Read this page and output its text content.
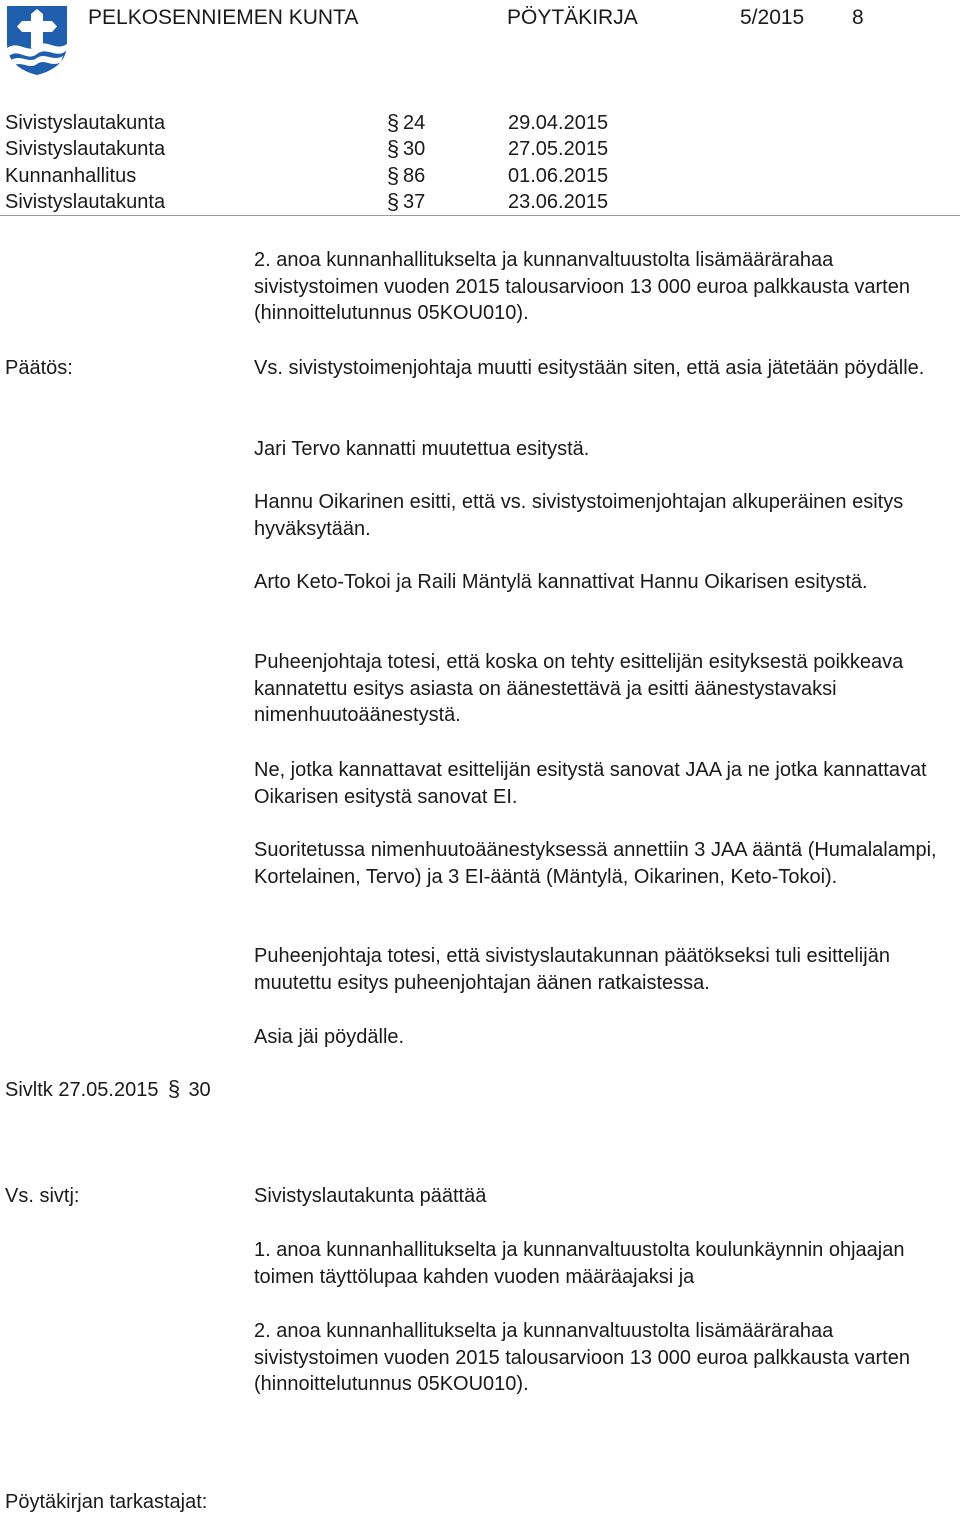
PELKOSENNIEMEN KUNTA	PÖYTÄKIRJA	5/2015 8
Sivistyslautakunta	§ 24	29.04.2015
Sivistyslautakunta	§ 30	27.05.2015
Kunnanhallitus	§ 86	01.06.2015
Sivistyslautakunta	§ 37	23.06.2015
2. anoa kunnanhallitukselta ja kunnanvaltuustolta lisämäärärahaa sivistystoimen vuoden 2015 talousarvioon 13 000 euroa palkkausta varten (hinnoittelutunnus 05KOU010).
Päätös:	Vs. sivistystoimenjohtaja muutti esitystään siten, että asia jätetään pöydälle.
Jari Tervo kannatti muutettua esitystä.
Hannu Oikarinen esitti, että vs. sivistystoimenjohtajan alkuperäinen esitys hyväksytään.
Arto Keto-Tokoi ja Raili Mäntylä kannattivat Hannu Oikarisen esitystä.
Puheenjohtaja totesi, että koska on tehty esittelijän esityksestä poikkeava kannatettu esitys asiasta on äänestettävä ja esitti äänestystavaksi nimenhuutoäänestystä.
Ne, jotka kannattavat esittelijän esitystä sanovat JAA ja ne jotka kannattavat Oikarisen esitystä sanovat EI.
Suoritetussa nimenhuutoäänestyksessä annettiin 3 JAA ääntä (Humalalampi, Kortelainen, Tervo) ja 3 EI-ääntä (Mäntylä, Oikarinen, Keto-Tokoi).
Puheenjohtaja totesi, että sivistyslautakunnan päätökseksi tuli esittelijän muutettu esitys puheenjohtajan äänen ratkaistessa.
Asia jäi pöydälle.
Sivltk 27.05.2015 § 30
Vs. sivtj:	Sivistyslautakunta päättää
1. anoa kunnanhallitukselta ja kunnanvaltuustolta koulunkäynnin ohjaajan toimen täyttölupaa kahden vuoden määräajaksi ja
2. anoa kunnanhallitukselta ja kunnanvaltuustolta lisämäärärahaa sivistystoimen vuoden 2015 talousarvioon 13 000 euroa palkkausta varten (hinnoittelutunnus 05KOU010).
Pöytäkirjan tarkastajat:
